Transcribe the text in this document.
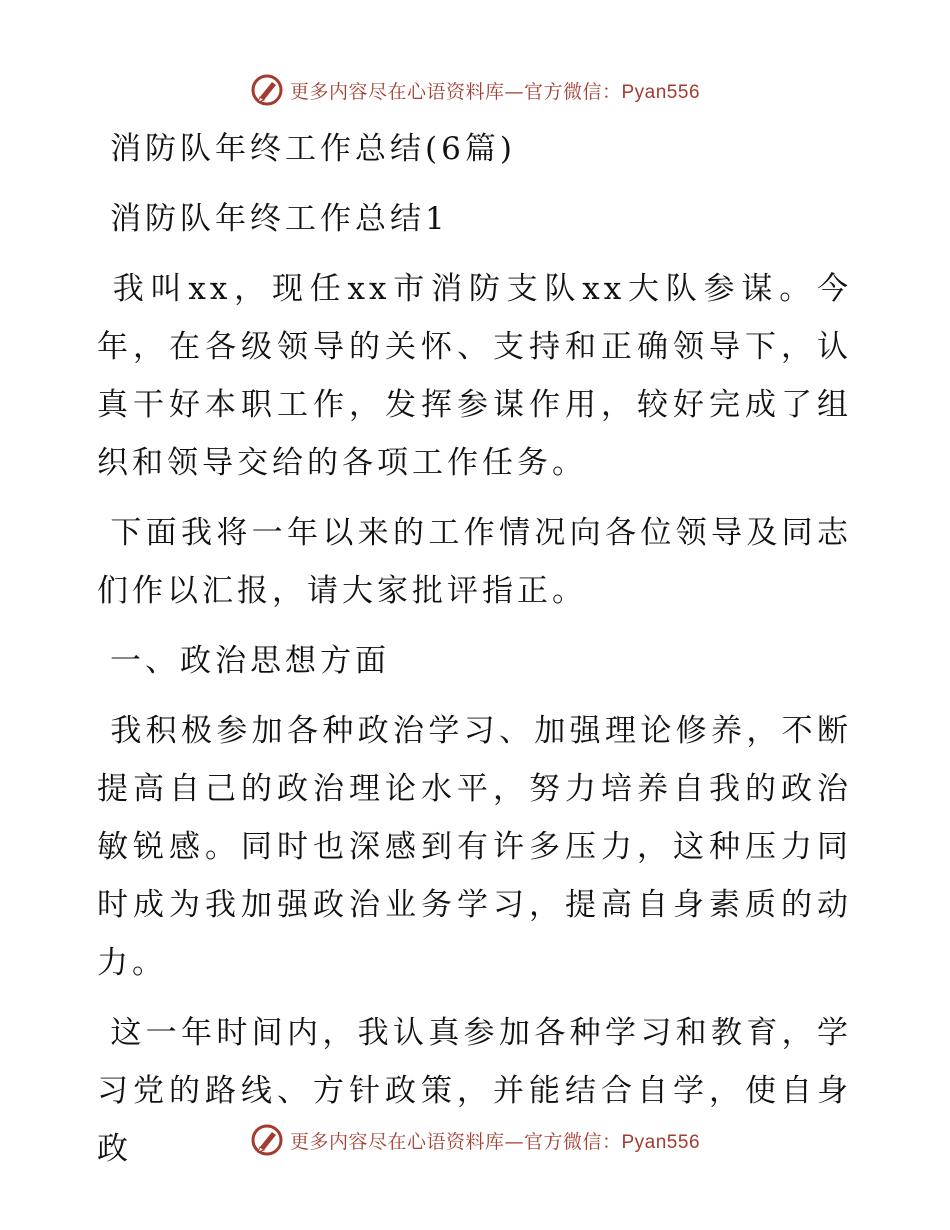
更多内容尽在心语资料库—官方微信：Pyan556

消防队年终工作总结(6篇)

消防队年终工作总结1

我叫xx，现任xx市消防支队xx大队参谋。今年，在各级领导的关怀、支持和正确领导下，认真干好本职工作，发挥参谋作用，较好完成了组织和领导交给的各项工作任务。

下面我将一年以来的工作情况向各位领导及同志们作以汇报，请大家批评指正。

一、政治思想方面

我积极参加各种政治学习、加强理论修养，不断提高自己的政治理论水平，努力培养自我的政治敏锐感。同时也深感到有许多压力，这种压力同时成为我加强政治业务学习，提高自身素质的动力。

这一年时间内，我认真参加各种学习和教育，学习党的路线、方针政策，并能结合自学，使自身政	更多内容尽在心语资料库—官方微信：Pyan556
